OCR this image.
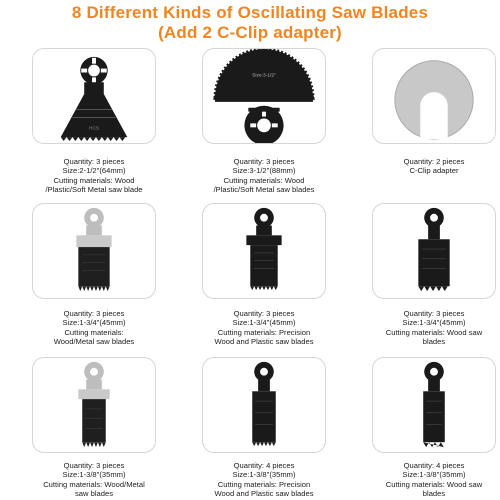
8 Different Kinds of Oscillating Saw Blades
(Add 2 C-Clip adapter)
HCS
Quantity: 3 pieces
Size:2-1/2"(64mm)
Cutting materials: Wood
/Plastic/Soft Metal saw blade
Size:3-1/2"
Quantity: 3 pieces
Size:3-1/2"(88mm)
Cutting materials: Wood
/Plastic/Soft Metal saw blades
Quantity: 2 pieces
C-Clip adapter
Quantity: 3 pieces
Size:1-3/4"(45mm)
Cutting materials:
Wood/Metal saw blades
Quantity: 3 pieces
Size:1-3/4"(45mm)
Cutting materials: Precision
Wood and Plastic saw blades
Quantity: 3 pieces
Size:1-3/4"(45mm)
Cutting materials: Wood saw
blades
Quantity: 3 pieces
Size:1-3/8"(35mm)
Cutting materials: Wood/Metal
saw blades
Quantity: 4 pieces
Size:1-3/8"(35mm)
Cutting materials: Precision
Wood and Plastic saw blades
Quantity: 4 pieces
Size:1-3/8"(35mm)
Cutting materials: Wood saw
blades
